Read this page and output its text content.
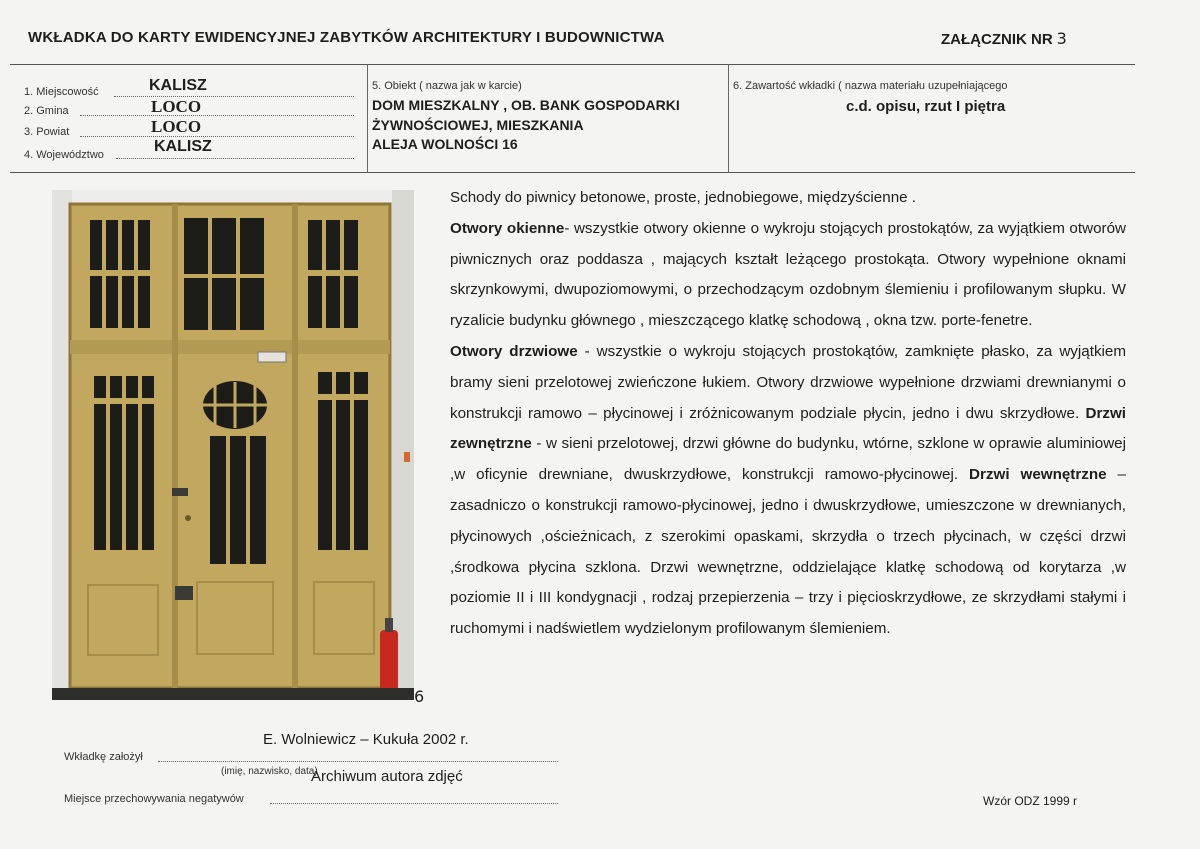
WKŁADKA DO KARTY EWIDENCYJNEJ ZABYTKÓW ARCHITEKTURY I BUDOWNICTWA	ZAŁĄCZNIK NR 3
1. Miejscowość	KALISZ
2. Gmina	LOCO
3. Powiat	LOCO
4. Województwo	KALISZ
5. Obiekt ( nazwa jak w karcie)
DOM MIESZKALNY , OB. BANK GOSPODARKI
ŻYWNOŚCIOWEJ, MIESZKANIA
ALEJA WOLNOŚCI 16
6. Zawartość wkładki ( nazwa materiału uzupełniającego
c.d. opisu, rzut I piętra
6

Schody do piwnicy betonowe, proste, jednobiegowe, międzyścienne .

Otwory okienne- wszystkie otwory okienne o wykroju stojących prostokątów, za wyjątkiem otworów piwnicznych oraz poddasza , mających kształt leżącego prostokąta. Otwory wypełnione oknami skrzynkowymi, dwupoziomowymi, o przechodzącym ozdobnym ślemieniu i profilowanym słupku. W ryzalicie budynku głównego , mieszczącego klatkę schodową , okna tzw. porte-fenetre.

Otwory drzwiowe - wszystkie o wykroju stojących prostokątów, zamknięte płasko, za wyjątkiem bramy sieni przelotowej zwieńczone łukiem. Otwory drzwiowe wypełnione drzwiami drewnianymi o konstrukcji ramowo – płycinowej i zróżnicowanym podziale płycin, jedno i dwu skrzydłowe. Drzwi zewnętrzne - w sieni przelotowej, drzwi główne do budynku, wtórne, szklone w oprawie aluminiowej ,w oficynie drewniane, dwuskrzydłowe, konstrukcji ramowo-płycinowej. Drzwi wewnętrzne – zasadniczo o konstrukcji ramowo-płycinowej, jedno i dwuskrzydłowe, umieszczone w drewnianych, płycinowych ,ościeżnicach, z szerokimi opaskami, skrzydła o trzech płycinach, w części drzwi ,środkowa płycina szklona. Drzwi wewnętrzne, oddzielające klatkę schodową od korytarza ,w poziomie II i III kondygnacji , rodzaj przepierzenia – trzy i pięcioskrzydłowe, ze skrzydłami stałymi i ruchomymi i nadświetlem wydzielonym profilowanym ślemieniem.

E. Wolniewicz – Kukuła 2002 r.
Wkładkę założył
(imię, nazwisko, data)
Archiwum autora zdjęć
Miejsce przechowywania negatywów	Wzór ODZ 1999 r
